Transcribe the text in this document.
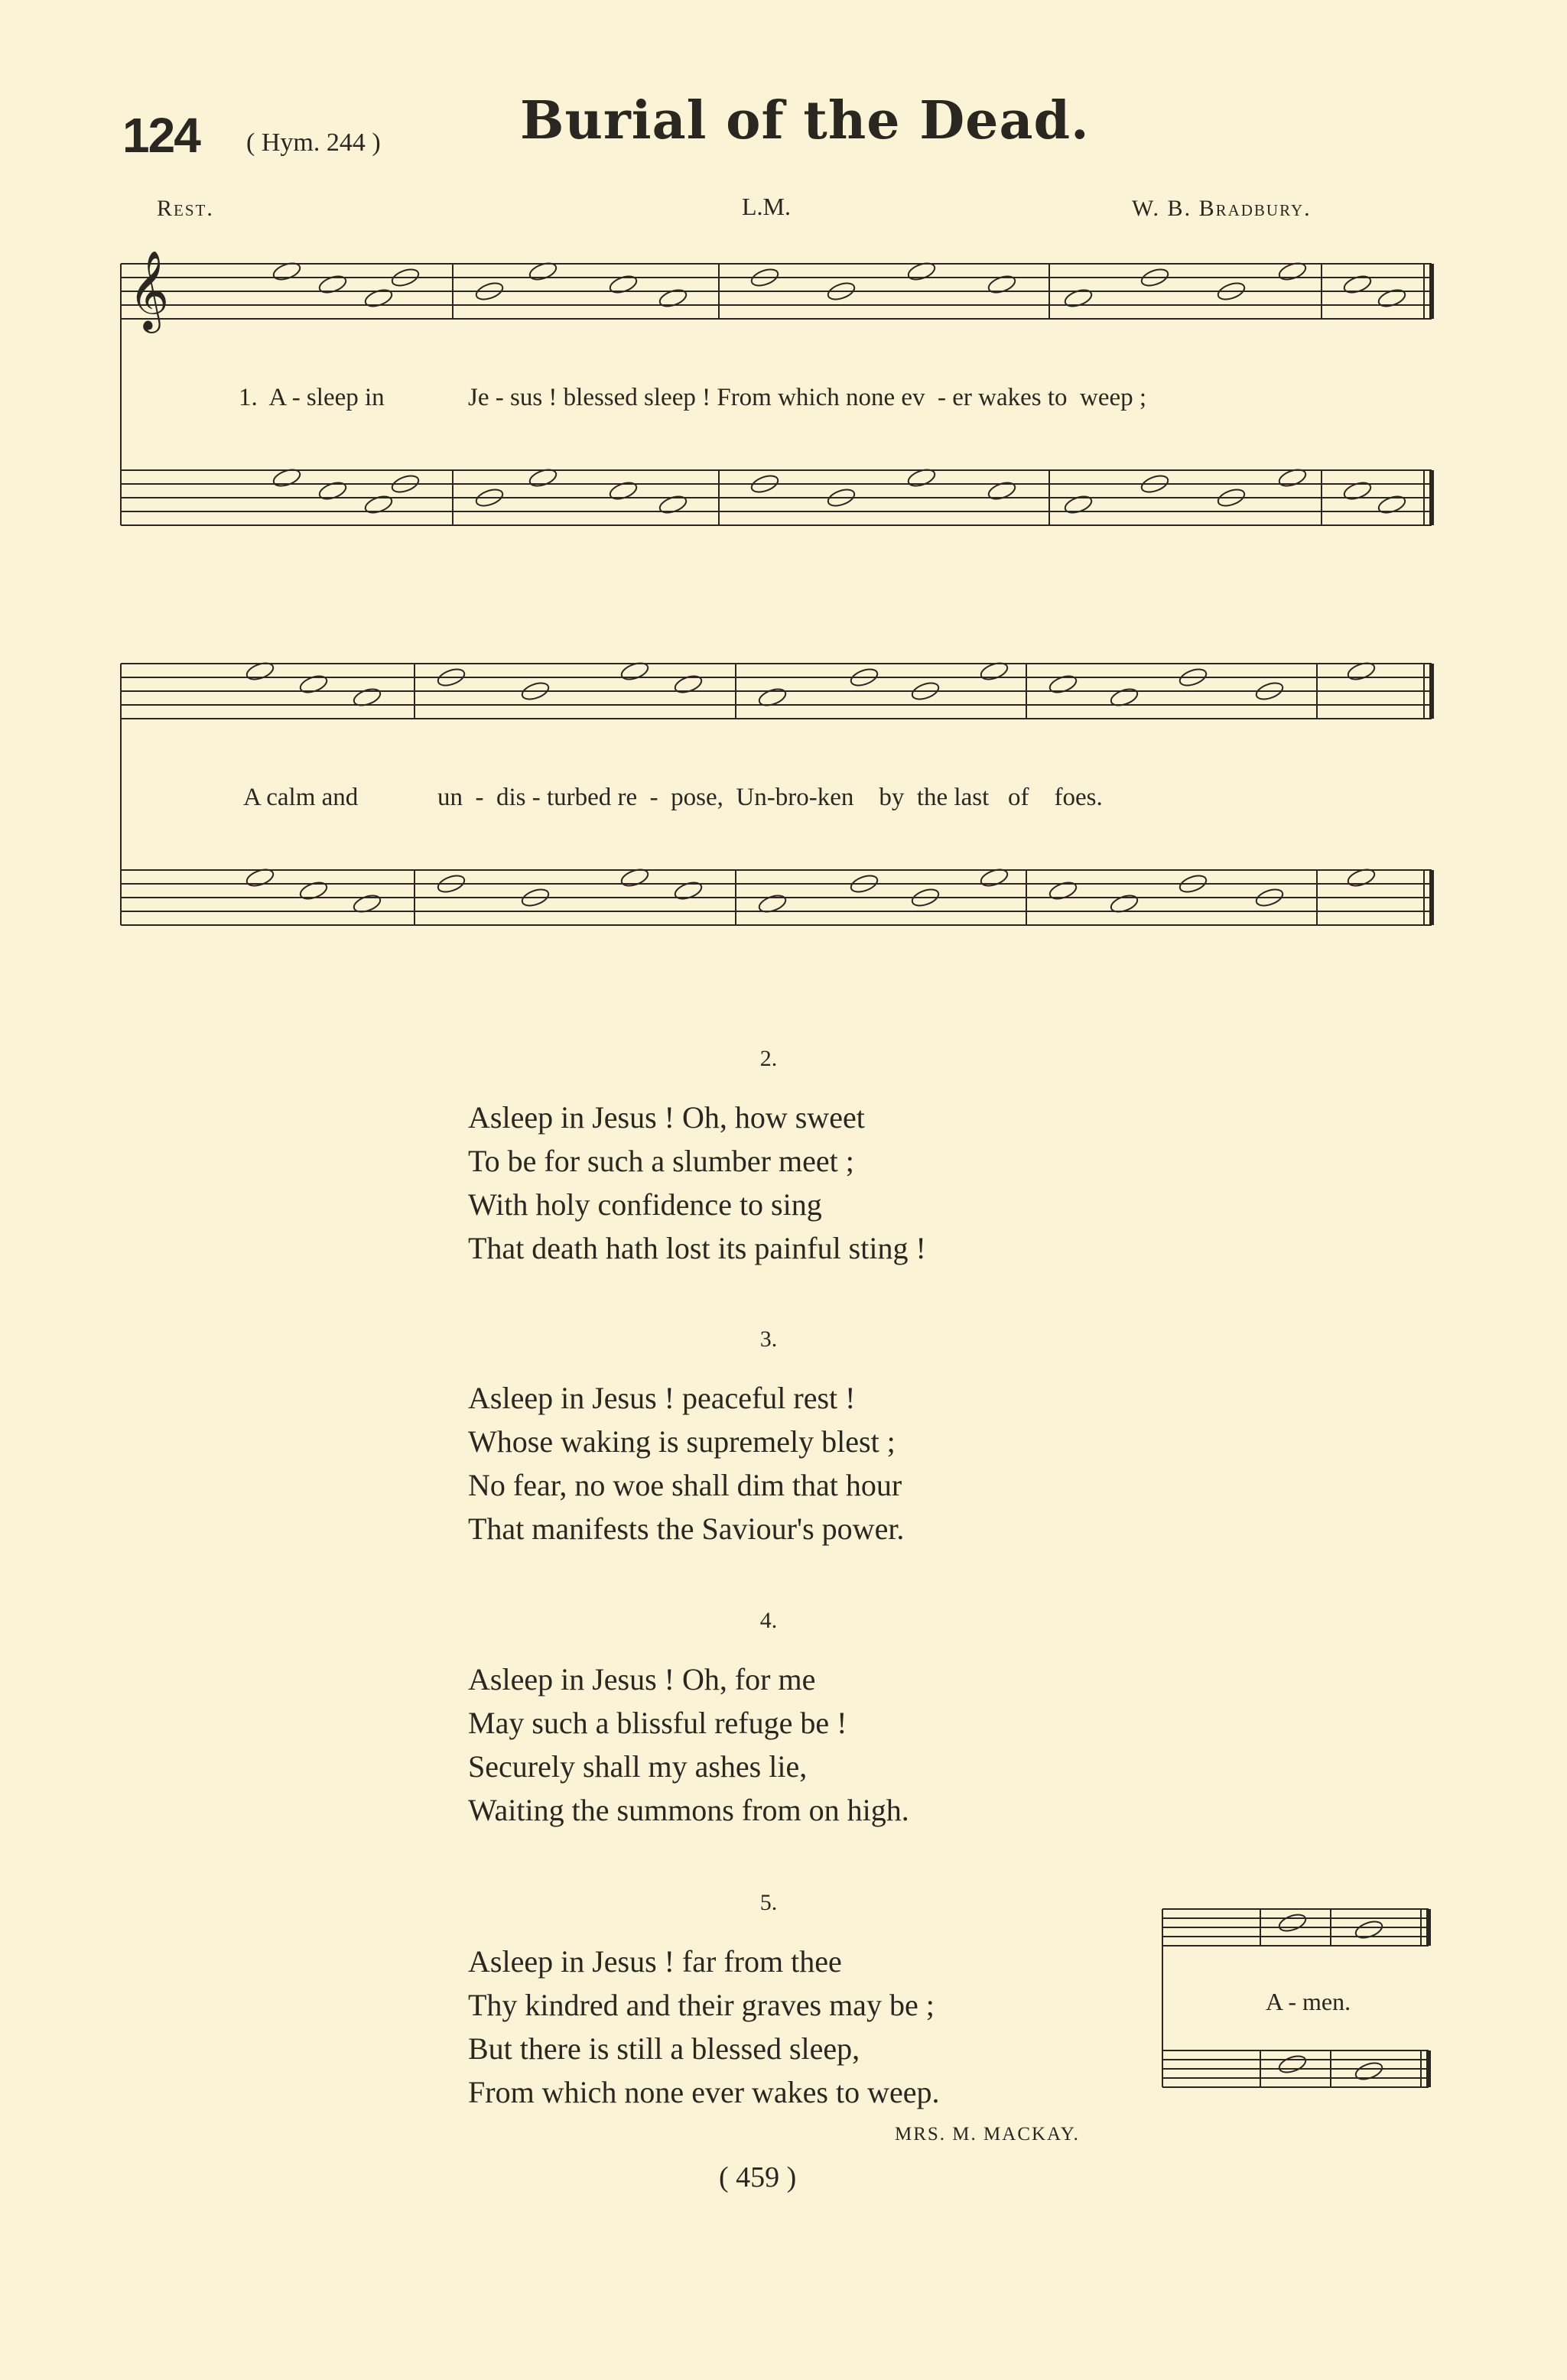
124 ( Hym. 244 )	Burial of the Dead.
Rest.	L.M.	W. B. Bradbury.
𝄞
1.  A - sleep in	Je - sus ! blessed sleep ! From which none ev  - er wakes to  weep ;
A calm and	un  -  dis - turbed re  -  pose,  Un-bro-ken    by  the last   of    foes.
2.
Asleep in Jesus ! Oh, how sweet
To be for such a slumber meet ;
With holy confidence to sing
That death hath lost its painful sting !
3.
Asleep in Jesus ! peaceful rest !
Whose waking is supremely blest ;
No fear, no woe shall dim that hour
That manifests the Saviour's power.
4.
Asleep in Jesus ! Oh, for me
May such a blissful refuge be !
Securely shall my ashes lie,
Waiting the summons from on high.
5.
Asleep in Jesus ! far from thee
Thy kindred and their graves may be ;
But there is still a blessed sleep,
From which none ever wakes to weep.
A - men.
MRS. M. MACKAY.
( 459 )
